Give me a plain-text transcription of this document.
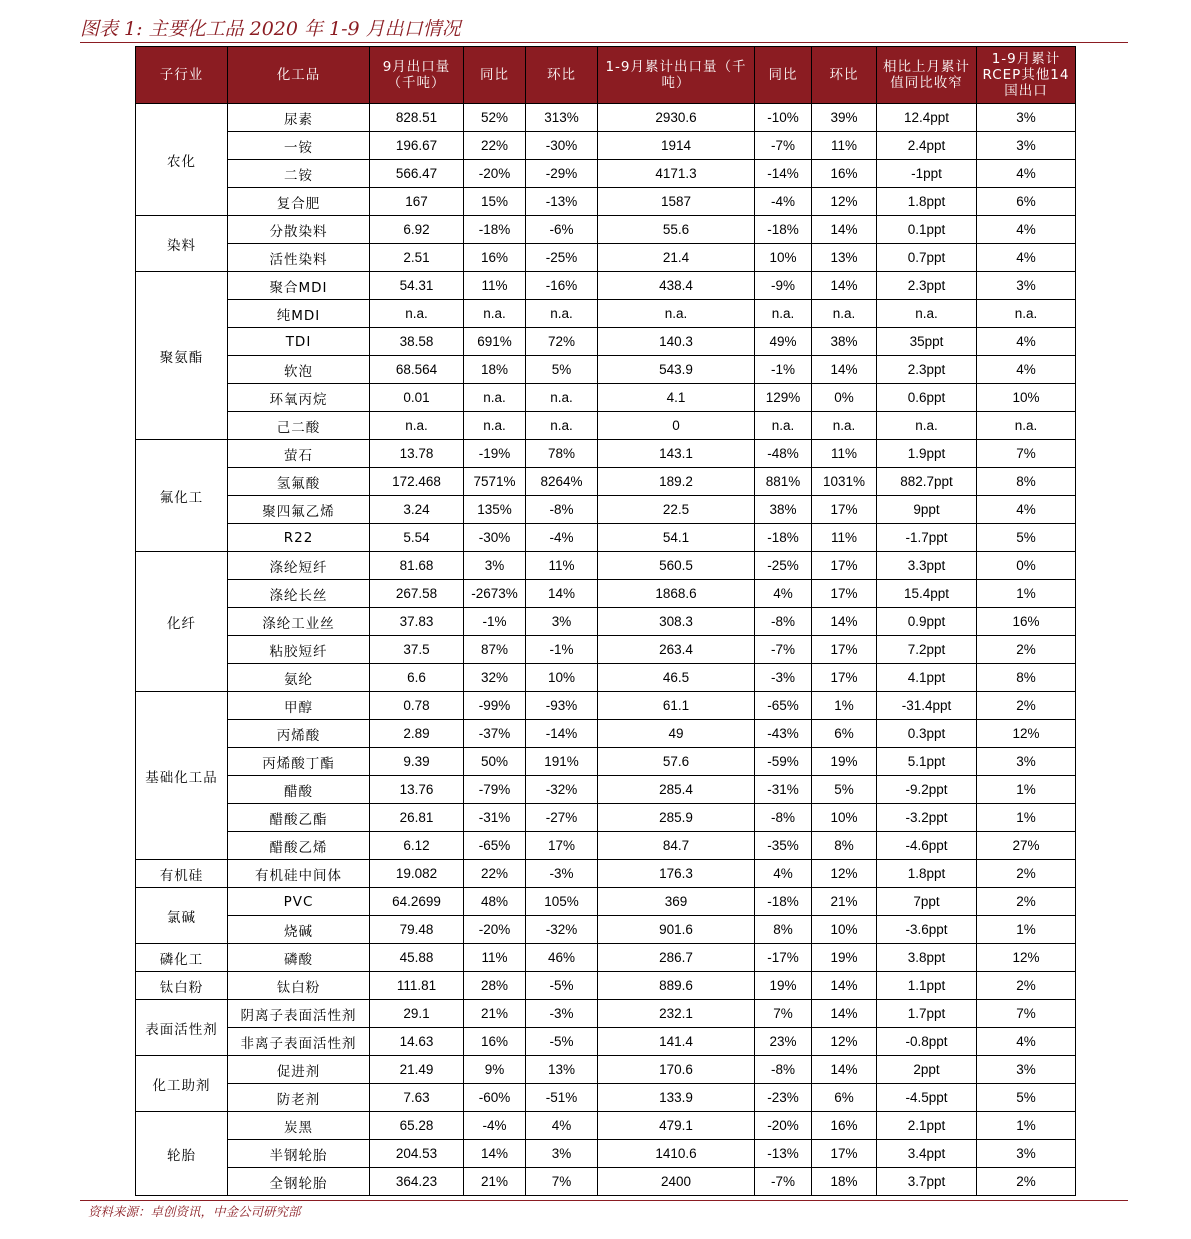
图表 1: 主要化工品 2020 年 1-9 月出口情况
子行业	化工品	9月出口量（千吨）	同比	环比	1-9月累计出口量（千吨）	同比	环比	相比上月累计值同比收窄	1-9月累计RCEP其他14国出口
农化	尿素	828.51	52%	313%	2930.6	-10%	39%	12.4ppt	3%
	一铵	196.67	22%	-30%	1914	-7%	11%	2.4ppt	3%
	二铵	566.47	-20%	-29%	4171.3	-14%	16%	-1ppt	4%
	复合肥	167	15%	-13%	1587	-4%	12%	1.8ppt	6%
染料	分散染料	6.92	-18%	-6%	55.6	-18%	14%	0.1ppt	4%
	活性染料	2.51	16%	-25%	21.4	10%	13%	0.7ppt	4%
聚氨酯	聚合MDI	54.31	11%	-16%	438.4	-9%	14%	2.3ppt	3%
	纯MDI	n.a.	n.a.	n.a.	n.a.	n.a.	n.a.	n.a.	n.a.
	TDI	38.58	691%	72%	140.3	49%	38%	35ppt	4%
	软泡	68.564	18%	5%	543.9	-1%	14%	2.3ppt	4%
	环氧丙烷	0.01	n.a.	n.a.	4.1	129%	0%	0.6ppt	10%
	己二酸	n.a.	n.a.	n.a.	0	n.a.	n.a.	n.a.	n.a.
氟化工	萤石	13.78	-19%	78%	143.1	-48%	11%	1.9ppt	7%
	氢氟酸	172.468	7571%	8264%	189.2	881%	1031%	882.7ppt	8%
	聚四氟乙烯	3.24	135%	-8%	22.5	38%	17%	9ppt	4%
	R22	5.54	-30%	-4%	54.1	-18%	11%	-1.7ppt	5%
化纤	涤纶短纤	81.68	3%	11%	560.5	-25%	17%	3.3ppt	0%
	涤纶长丝	267.58	-2673%	14%	1868.6	4%	17%	15.4ppt	1%
	涤纶工业丝	37.83	-1%	3%	308.3	-8%	14%	0.9ppt	16%
	粘胶短纤	37.5	87%	-1%	263.4	-7%	17%	7.2ppt	2%
	氨纶	6.6	32%	10%	46.5	-3%	17%	4.1ppt	8%
基础化工品	甲醇	0.78	-99%	-93%	61.1	-65%	1%	-31.4ppt	2%
	丙烯酸	2.89	-37%	-14%	49	-43%	6%	0.3ppt	12%
	丙烯酸丁酯	9.39	50%	191%	57.6	-59%	19%	5.1ppt	3%
	醋酸	13.76	-79%	-32%	285.4	-31%	5%	-9.2ppt	1%
	醋酸乙酯	26.81	-31%	-27%	285.9	-8%	10%	-3.2ppt	1%
	醋酸乙烯	6.12	-65%	17%	84.7	-35%	8%	-4.6ppt	27%
有机硅	有机硅中间体	19.082	22%	-3%	176.3	4%	12%	1.8ppt	2%
氯碱	PVC	64.2699	48%	105%	369	-18%	21%	7ppt	2%
	烧碱	79.48	-20%	-32%	901.6	8%	10%	-3.6ppt	1%
磷化工	磷酸	45.88	11%	46%	286.7	-17%	19%	3.8ppt	12%
钛白粉	钛白粉	111.81	28%	-5%	889.6	19%	14%	1.1ppt	2%
表面活性剂	阴离子表面活性剂	29.1	21%	-3%	232.1	7%	14%	1.7ppt	7%
	非离子表面活性剂	14.63	16%	-5%	141.4	23%	12%	-0.8ppt	4%
化工助剂	促进剂	21.49	9%	13%	170.6	-8%	14%	2ppt	3%
	防老剂	7.63	-60%	-51%	133.9	-23%	6%	-4.5ppt	5%
轮胎	炭黑	65.28	-4%	4%	479.1	-20%	16%	2.1ppt	1%
	半钢轮胎	204.53	14%	3%	1410.6	-13%	17%	3.4ppt	3%
	全钢轮胎	364.23	21%	7%	2400	-7%	18%	3.7ppt	2%
资料来源：卓创资讯，中金公司研究部
